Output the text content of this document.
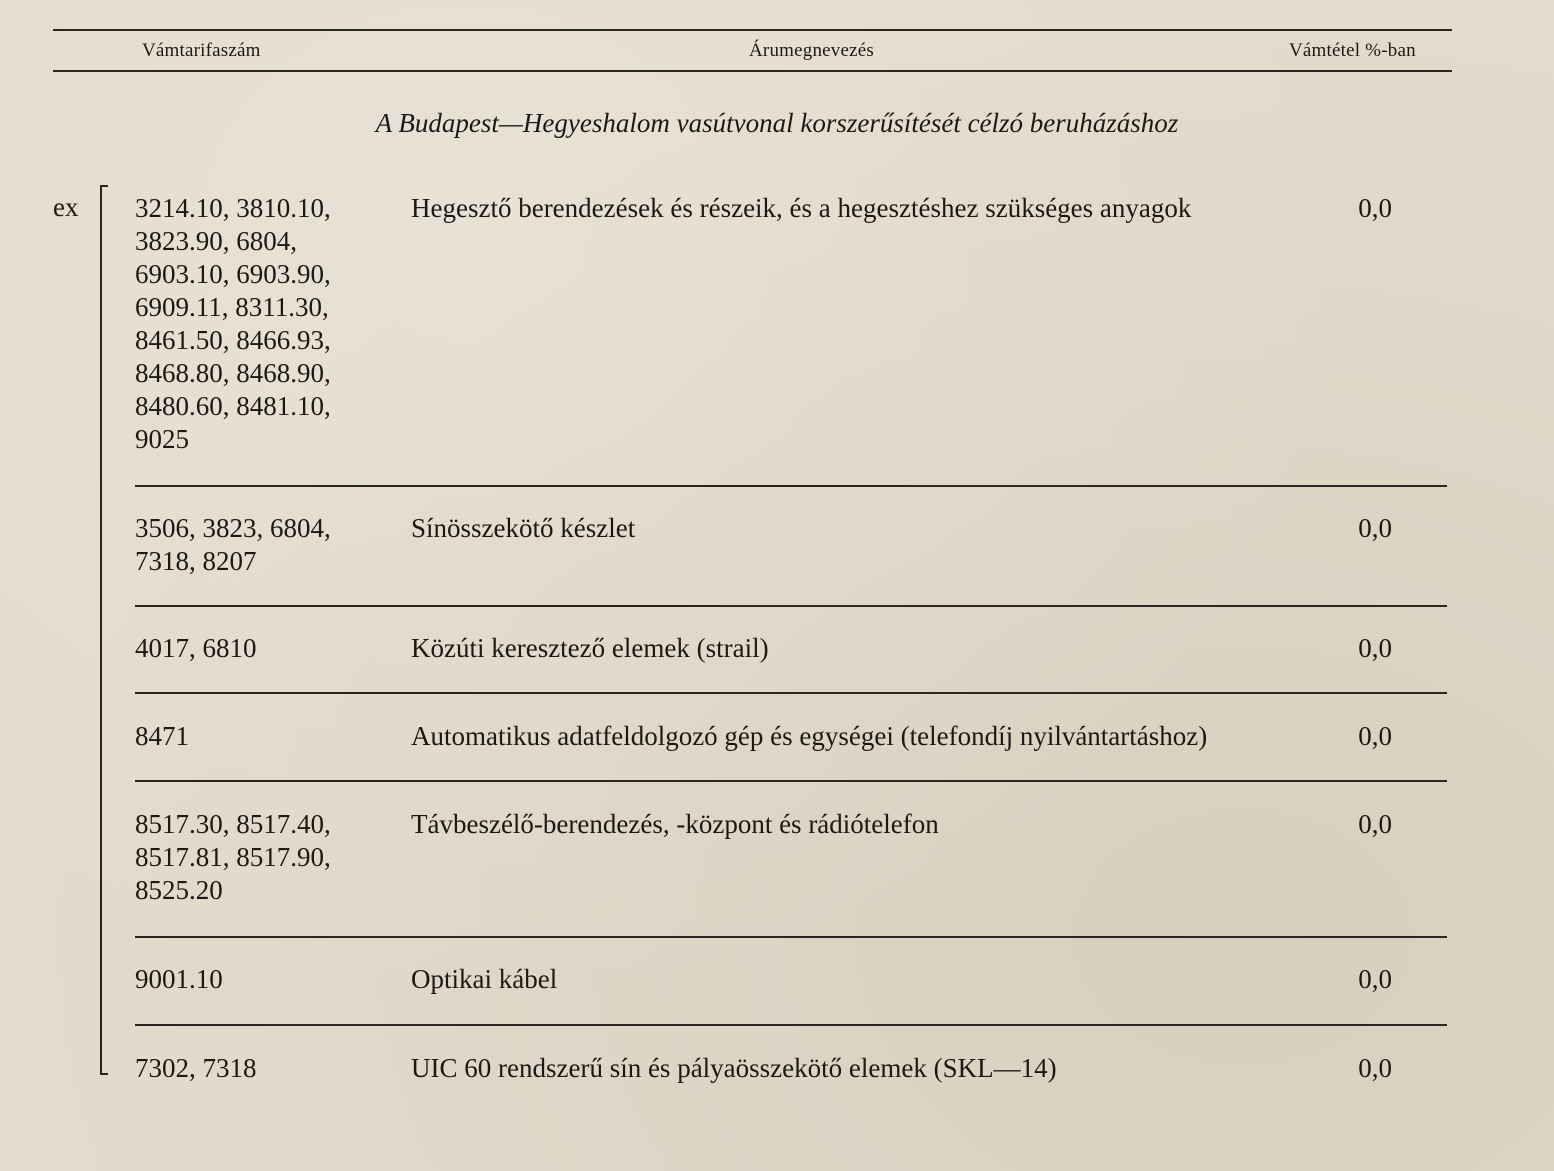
Vámtarifaszám	Árumegnevezés	Vámtétel %-ban
A Budapest—Hegyeshalom vasútvonal korszerűsítését célzó beruházáshoz
ex 3214.10, 3810.10,
3823.90, 6804,
6903.10, 6903.90,
6909.11, 8311.30,
8461.50, 8466.93,
8468.80, 8468.90,
8480.60, 8481.10,
9025
Hegesztő berendezések és részeik, és a hegesztéshez szükséges anyagok	0,0
3506, 3823, 6804,
7318, 8207
Sínösszekötő készlet	0,0
4017, 6810	Közúti keresztező elemek (strail)	0,0
8471	Automatikus adatfeldolgozó gép és egységei (telefondíj nyilvántartáshoz)	0,0
8517.30, 8517.40,
8517.81, 8517.90,
8525.20
Távbeszélő-berendezés, -központ és rádiótelefon	0,0
9001.10	Optikai kábel	0,0
7302, 7318	UIC 60 rendszerű sín és pályaösszekötő elemek (SKL—14)	0,0
